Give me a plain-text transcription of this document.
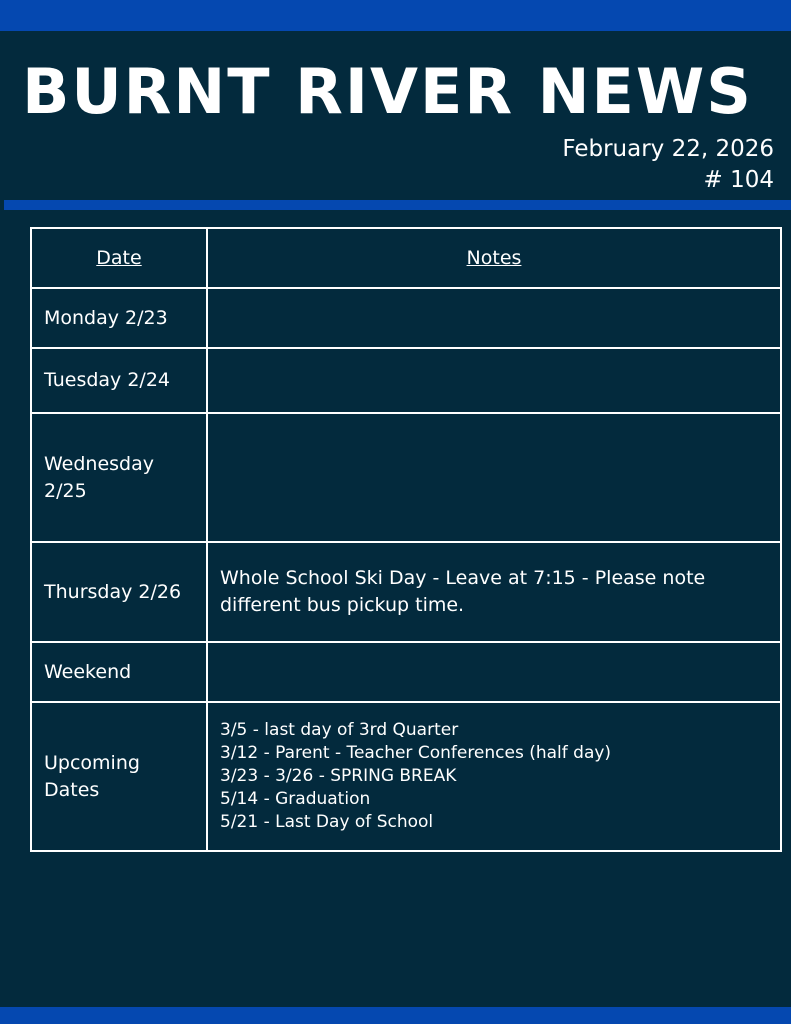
BURNT RIVER NEWS
February 22, 2026
# 104
Date	Notes
Monday 2/23	
Tuesday 2/24	
Wednesday 2/25	
Thursday 2/26	Whole School Ski Day - Leave at 7:15 - Please note different bus pickup time.
Weekend	
Upcoming Dates	3/5 - last day of 3rd Quarter
3/12 - Parent - Teacher Conferences (half day)
3/23 - 3/26 - SPRING BREAK
5/14 - Graduation
5/21 - Last Day of School
